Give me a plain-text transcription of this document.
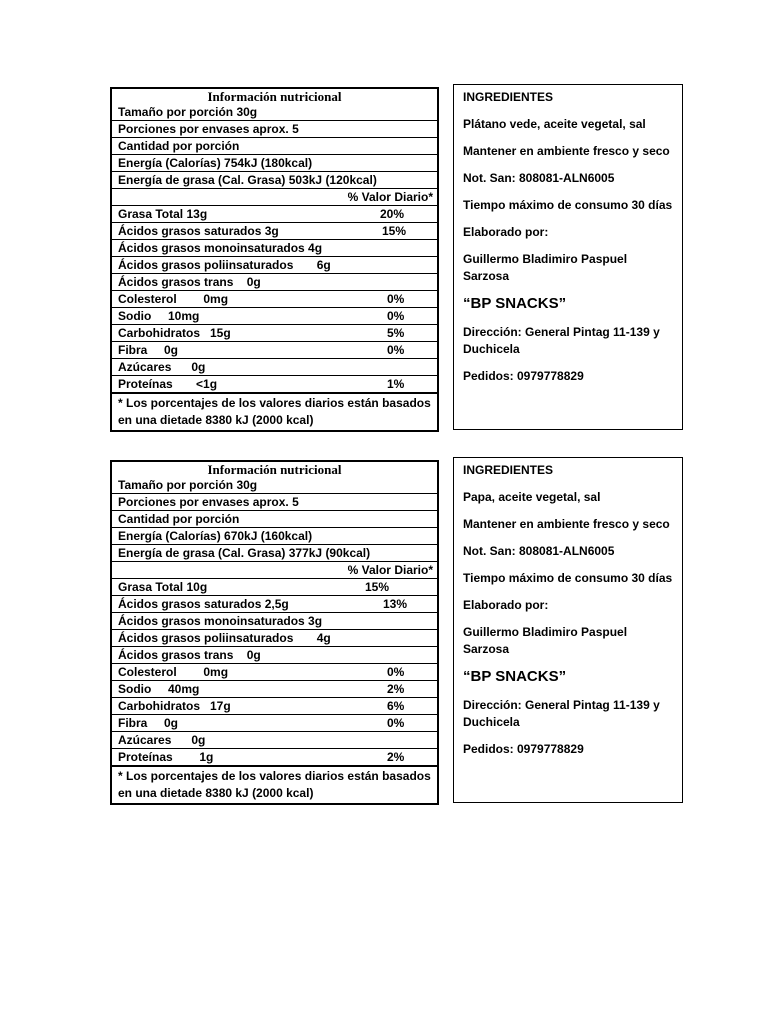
Información nutricional
Tamaño por porción 30g
Porciones por envases aprox. 5
Cantidad por porción
Energía (Calorías) 754kJ (180kcal)
Energía de grasa (Cal. Grasa) 503kJ (120kcal)
% Valor Diario*
Grasa Total 13g	20%
Ácidos grasos saturados 3g	15%
Ácidos grasos monoinsaturados 4g
Ácidos grasos poliinsaturados       6g
Ácidos grasos trans    0g
Colesterol        0mg	0%
Sodio     10mg	0%
Carbohidratos   15g	5%
Fibra     0g	0%
Azúcares      0g
Proteínas       <1g	1%
* Los porcentajes de los valores diarios están basados en una dietade 8380 kJ (2000 kcal)

INGREDIENTES

Plátano vede, aceite vegetal, sal

Mantener en ambiente fresco y seco

Not. San: 808081-ALN6005

Tiempo máximo de consumo 30 días

Elaborado por:

Guillermo Bladimiro Paspuel Sarzosa

“BP SNACKS”

Dirección: General Pintag 11-139 y Duchicela

Pedidos: 0979778829

Información nutricional
Tamaño por porción 30g
Porciones por envases aprox. 5
Cantidad por porción
Energía (Calorías) 670kJ (160kcal)
Energía de grasa (Cal. Grasa) 377kJ (90kcal)
% Valor Diario*
Grasa Total 10g	15%
Ácidos grasos saturados 2,5g	13%
Ácidos grasos monoinsaturados 3g
Ácidos grasos poliinsaturados       4g
Ácidos grasos trans    0g
Colesterol        0mg	0%
Sodio     40mg	2%
Carbohidratos   17g	6%
Fibra     0g	0%
Azúcares      0g
Proteínas        1g	2%
* Los porcentajes de los valores diarios están basados en una dietade 8380 kJ (2000 kcal)

INGREDIENTES

Papa, aceite vegetal, sal

Mantener en ambiente fresco y seco

Not. San: 808081-ALN6005

Tiempo máximo de consumo 30 días

Elaborado por:

Guillermo Bladimiro Paspuel Sarzosa

“BP SNACKS”

Dirección: General Pintag 11-139 y Duchicela

Pedidos: 0979778829
